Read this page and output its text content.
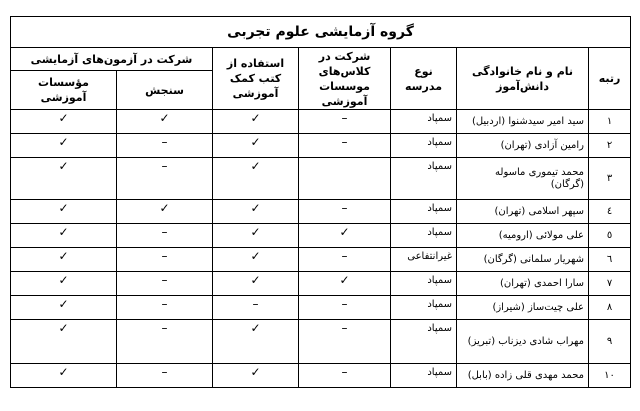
گروه آزمایشی علوم تجربی						
رتبه	نام و نام خانوادگی دانش‌آموز	نوع مدرسه	شرکت در کلاس‌ها‌ی موسسات آموزشی	استفاده از کتب کمک آموزشی	شرکت در آزمون‌های آزمایشی	
					سنجش	مؤسسات آموزشی
۱	سید امیر سیدشنوا (اردبیل)	سمپاد	–	✓	✓	✓
۲	رامین آزادی (تهران)	سمپاد	–	✓	–	✓
۳	محمد تیموری ماسوله (گرگان)	سمپاد		✓	–	✓
٤	سپهر اسلامی (تهران)	سمپاد	–	✓	✓	✓
٥	علی مولائی (ارومیه)	سمپاد	✓	✓	–	✓
٦	شهریار سلمانی (گرگان)	غیرانتفاعی	–	✓	–	✓
۷	سارا احمدی (تهران)	سمپاد	✓	✓	–	✓
۸	علی چیت‌ساز (شیراز)	سمپاد	–	–	–	✓
۹	مهراب شادی دیزناب (تبریز)	سمپاد	–	✓	–	✓
۱۰	محمد مهدی قلی زاده (بابل)	سمپاد	–	✓	–	✓
